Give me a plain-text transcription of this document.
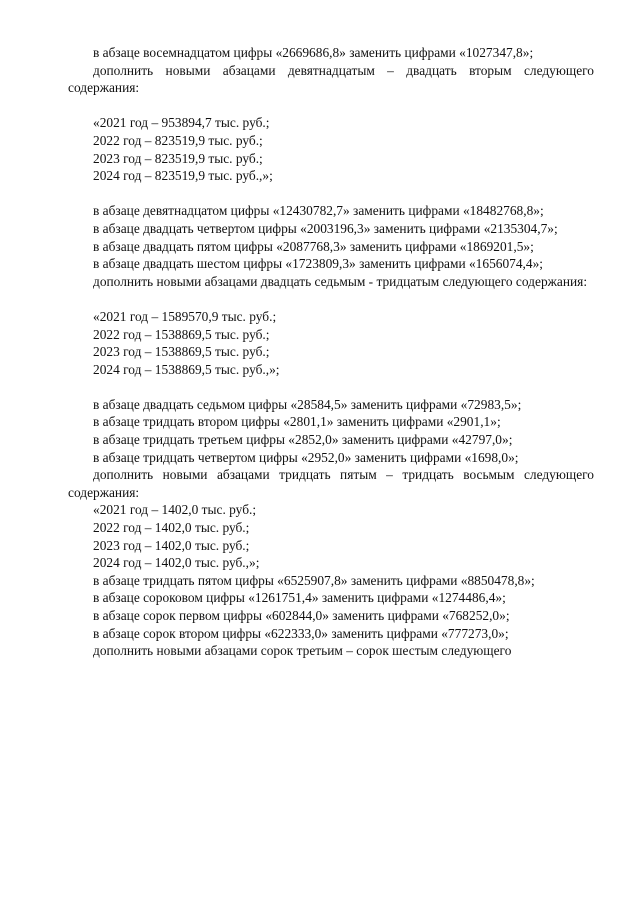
в абзаце восемнадцатом цифры «2669686,8» заменить цифрами «1027347,8»;

дополнить новыми абзацами девятнадцатым – двадцать вторым следующего содержания:

«2021 год – 953894,7 тыс. руб.;

2022 год – 823519,9 тыс. руб.;

2023 год – 823519,9 тыс. руб.;

2024 год – 823519,9 тыс. руб.,»;

в абзаце девятнадцатом цифры «12430782,7» заменить цифрами «18482768,8»;

в абзаце двадцать четвертом цифры «2003196,3» заменить цифрами «2135304,7»;

в абзаце двадцать пятом цифры «2087768,3» заменить цифрами «1869201,5»;

в абзаце двадцать шестом цифры «1723809,3» заменить цифрами «1656074,4»;

дополнить новыми абзацами двадцать седьмым - тридцатым следующего содержания:

«2021 год – 1589570,9 тыс. руб.;

2022 год – 1538869,5 тыс. руб.;

2023 год – 1538869,5 тыс. руб.;

2024 год – 1538869,5 тыс. руб.,»;

в абзаце двадцать седьмом цифры «28584,5» заменить цифрами «72983,5»;

в абзаце тридцать втором цифры «2801,1» заменить цифрами «2901,1»;

в абзаце тридцать третьем цифры «2852,0» заменить цифрами «42797,0»;

в абзаце тридцать четвертом цифры «2952,0» заменить цифрами «1698,0»;

дополнить новыми абзацами тридцать пятым – тридцать восьмым следующего содержания:

«2021 год – 1402,0 тыс. руб.;

2022 год – 1402,0 тыс. руб.;

2023 год – 1402,0 тыс. руб.;

2024 год – 1402,0 тыс. руб.,»;

в абзаце тридцать пятом цифры «6525907,8» заменить цифрами «8850478,8»;

в абзаце сороковом цифры «1261751,4» заменить цифрами «1274486,4»;

в абзаце сорок первом цифры «602844,0» заменить цифрами «768252,0»;

в абзаце сорок втором цифры «622333,0» заменить цифрами «777273,0»;

дополнить новыми абзацами сорок третьим – сорок шестым следующего
